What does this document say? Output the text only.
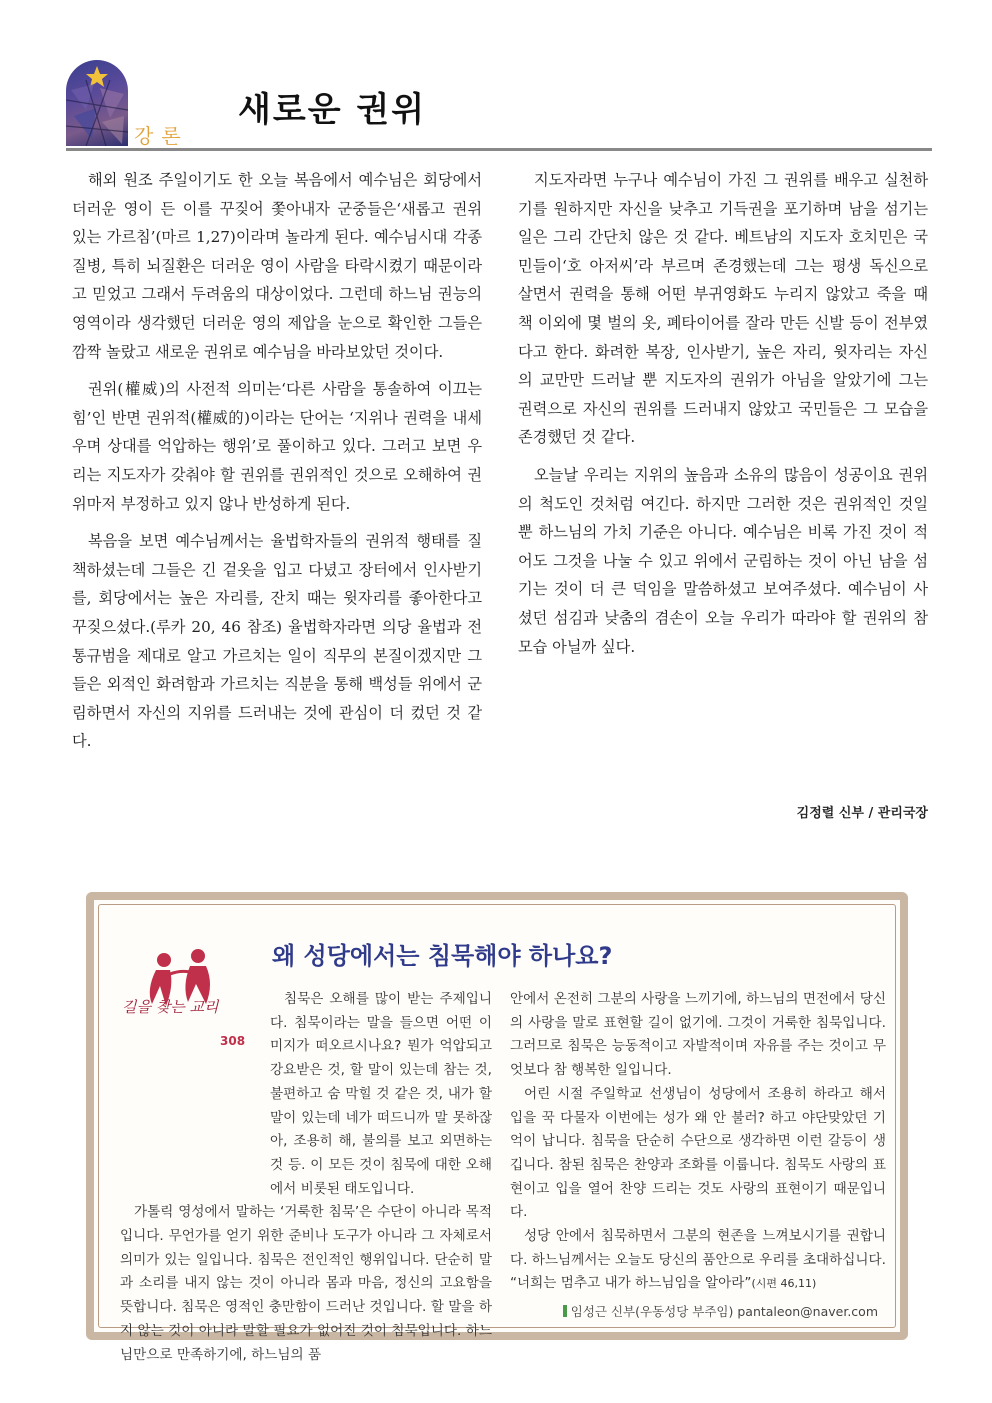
강론
새로운 권위

해외 원조 주일이기도 한 오늘 복음에서 예수님은 회당에서 더러운 영이 든 이를 꾸짖어 쫓아내자 군중들은‘새롭고 권위 있는 가르침’(마르 1,27)이라며 놀라게 된다. 예수님시대 각종 질병, 특히 뇌질환은 더러운 영이 사람을 타락시켰기 때문이라고 믿었고 그래서 두려움의 대상이었다. 그런데 하느님 권능의 영역이라 생각했던 더러운 영의 제압을 눈으로 확인한 그들은 깜짝 놀랐고 새로운 권위로 예수님을 바라보았던 것이다.

권위(權威)의 사전적 의미는‘다른 사람을 통솔하여 이끄는 힘’인 반면 권위적(權威的)이라는 단어는 ‘지위나 권력을 내세우며 상대를 억압하는 행위’로 풀이하고 있다. 그러고 보면 우리는 지도자가 갖춰야 할 권위를 권위적인 것으로 오해하여 권위마저 부정하고 있지 않나 반성하게 된다.

복음을 보면 예수님께서는 율법학자들의 권위적 행태를 질책하셨는데 그들은 긴 겉옷을 입고 다녔고 장터에서 인사받기를, 회당에서는 높은 자리를, 잔치 때는 윗자리를 좋아한다고 꾸짖으셨다.(루카 20, 46 참조) 율법학자라면 의당 율법과 전통규범을 제대로 알고 가르치는 일이 직무의 본질이겠지만 그들은 외적인 화려함과 가르치는 직분을 통해 백성들 위에서 군림하면서 자신의 지위를 드러내는 것에 관심이 더 컸던 것 같다.

지도자라면 누구나 예수님이 가진 그 권위를 배우고 실천하기를 원하지만 자신을 낮추고 기득권을 포기하며 남을 섬기는 일은 그리 간단치 않은 것 같다. 베트남의 지도자 호치민은 국민들이‘호 아저씨’라 부르며 존경했는데 그는 평생 독신으로 살면서 권력을 통해 어떤 부귀영화도 누리지 않았고 죽을 때 책 이외에 몇 벌의 옷, 폐타이어를 잘라 만든 신발 등이 전부였다고 한다. 화려한 복장, 인사받기, 높은 자리, 윗자리는 자신의 교만만 드러날 뿐 지도자의 권위가 아님을 알았기에 그는 권력으로 자신의 권위를 드러내지 않았고 국민들은 그 모습을 존경했던 것 같다.

오늘날 우리는 지위의 높음과 소유의 많음이 성공이요 권위의 척도인 것처럼 여긴다. 하지만 그러한 것은 권위적인 것일 뿐 하느님의 가치 기준은 아니다. 예수님은 비록 가진 것이 적어도 그것을 나눌 수 있고 위에서 군림하는 것이 아닌 남을 섬기는 것이 더 큰 덕임을 말씀하셨고 보여주셨다. 예수님이 사셨던 섬김과 낮춤의 겸손이 오늘 우리가 따라야 할 권위의 참모습 아닐까 싶다.

김정렬 신부 / 관리국장
길을 찾는 교리
308
왜 성당에서는 침묵해야 하나요?

침묵은 오해를 많이 받는 주제입니다. 침묵이라는 말을 들으면 어떤 이미지가 떠오르시나요? 뭔가 억압되고 강요받은 것, 할 말이 있는데 참는 것, 불편하고 숨 막힐 것 같은 것, 내가 할 말이 있는데 네가 떠드니까 말 못하잖아, 조용히 해, 불의를 보고 외면하는 것 등. 이 모든 것이 침묵에 대한 오해에서 비롯된 태도입니다.

가톨릭 영성에서 말하는 ‘거룩한 침묵’은 수단이 아니라 목적입니다. 무언가를 얻기 위한 준비나 도구가 아니라 그 자체로서 의미가 있는 일입니다. 침묵은 전인적인 행위입니다. 단순히 말과 소리를 내지 않는 것이 아니라 몸과 마음, 정신의 고요함을 뜻합니다. 침묵은 영적인 충만함이 드러난 것입니다. 할 말을 하지 않는 것이 아니라 말할 필요가 없어진 것이 침묵입니다. 하느님만으로 만족하기에, 하느님의 품

안에서 온전히 그분의 사랑을 느끼기에, 하느님의 면전에서 당신의 사랑을 말로 표현할 길이 없기에. 그것이 거룩한 침묵입니다. 그러므로 침묵은 능동적이고 자발적이며 자유를 주는 것이고 무엇보다 참 행복한 일입니다.

어린 시절 주일학교 선생님이 성당에서 조용히 하라고 해서 입을 꾹 다물자 이번에는 성가 왜 안 불러? 하고 야단맞았던 기억이 납니다. 침묵을 단순히 수단으로 생각하면 이런 갈등이 생깁니다. 참된 침묵은 찬양과 조화를 이룹니다. 침묵도 사랑의 표현이고 입을 열어 찬양 드리는 것도 사랑의 표현이기 때문입니다.

성당 안에서 침묵하면서 그분의 현존을 느껴보시기를 권합니다. 하느님께서는 오늘도 당신의 품안으로 우리를 초대하십니다. “너희는 멈추고 내가 하느님임을 알아라”(시편 46,11)

임성근 신부(우동성당 부주임) pantaleon@naver.com
